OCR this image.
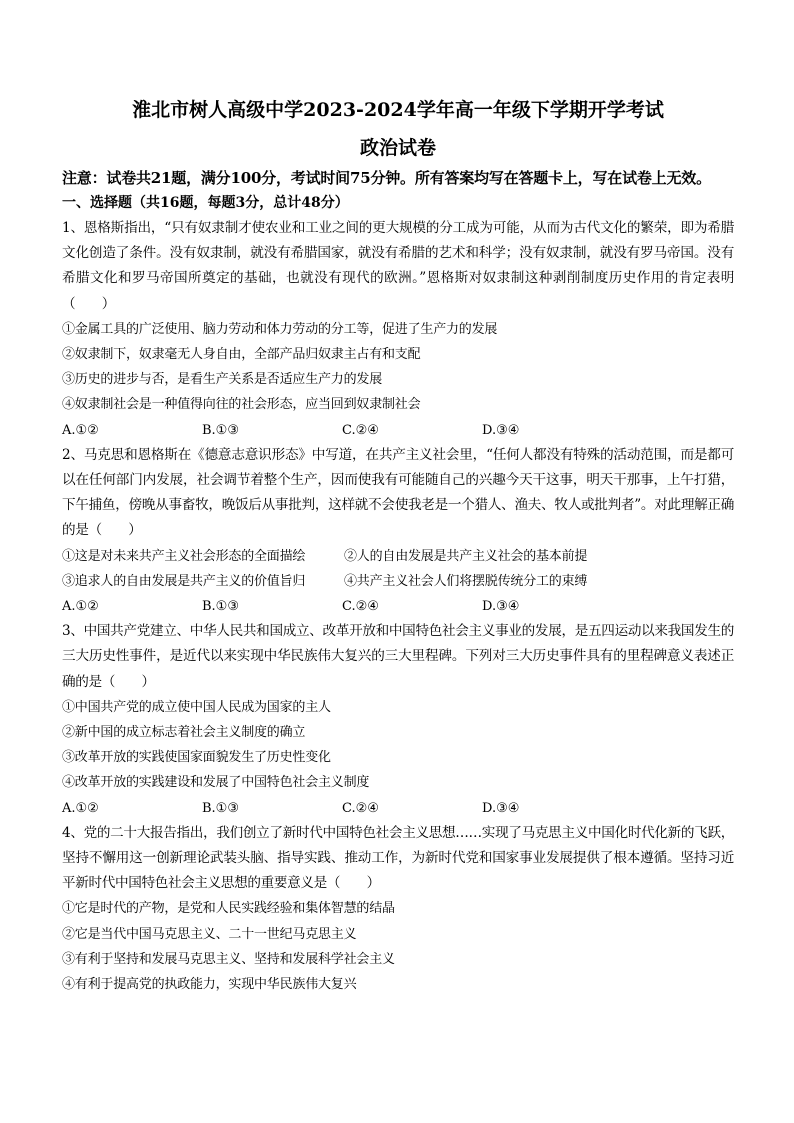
淮北市树人高级中学2023-2024学年高一年级下学期开学考试
政治试卷

注意：试卷共21题，满分100分，考试时间75分钟。所有答案均写在答题卡上，写在试卷上无效。

一、选择题（共16题，每题3分，总计48分）

1、恩格斯指出，“只有奴隶制才使农业和工业之间的更大规模的分工成为可能，从而为古代文化的繁荣，即为希腊文化创造了条件。没有奴隶制，就没有希腊国家，就没有希腊的艺术和科学；没有奴隶制，就没有罗马帝国。没有希腊文化和罗马帝国所奠定的基础，也就没有现代的欧洲。”恩格斯对奴隶制这种剥削制度历史作用的肯定表明（　　）

①金属工具的广泛使用、脑力劳动和体力劳动的分工等，促进了生产力的发展

②奴隶制下，奴隶毫无人身自由，全部产品归奴隶主占有和支配

③历史的进步与否，是看生产关系是否适应生产力的发展

④奴隶制社会是一种值得向往的社会形态，应当回到奴隶制社会

A.①②	B.①③	C.②④	D.③④

2、马克思和恩格斯在《德意志意识形态》中写道，在共产主义社会里，“任何人都没有特殊的活动范围，而是都可以在任何部门内发展，社会调节着整个生产，因而使我有可能随自己的兴趣今天干这事，明天干那事，上午打猎，下午捕鱼，傍晚从事畜牧，晚饭后从事批判，这样就不会使我老是一个猎人、渔夫、牧人或批判者”。对此理解正确的是（　　）

①这是对未来共产主义社会形态的全面描绘	②人的自由发展是共产主义社会的基本前提
③追求人的自由发展是共产主义的价值旨归	④共产主义社会人们将摆脱传统分工的束缚
A.①②	B.①③	C.②④	D.③④

3、中国共产党建立、中华人民共和国成立、改革开放和中国特色社会主义事业的发展，是五四运动以来我国发生的三大历史性事件，是近代以来实现中华民族伟大复兴的三大里程碑。下列对三大历史事件具有的里程碑意义表述正确的是（　　）

①中国共产党的成立使中国人民成为国家的主人

②新中国的成立标志着社会主义制度的确立

③改革开放的实践使国家面貌发生了历史性变化

④改革开放的实践建设和发展了中国特色社会主义制度

A.①②	B.①③	C.②④	D.③④

4、党的二十大报告指出，我们创立了新时代中国特色社会主义思想……实现了马克思主义中国化时代化新的飞跃，坚持不懈用这一创新理论武装头脑、指导实践、推动工作，为新时代党和国家事业发展提供了根本遵循。坚持习近平新时代中国特色社会主义思想的重要意义是（　　）

①它是时代的产物，是党和人民实践经验和集体智慧的结晶

②它是当代中国马克思主义、二十一世纪马克思主义

③有利于坚持和发展马克思主义、坚持和发展科学社会主义

④有利于提高党的执政能力，实现中华民族伟大复兴
